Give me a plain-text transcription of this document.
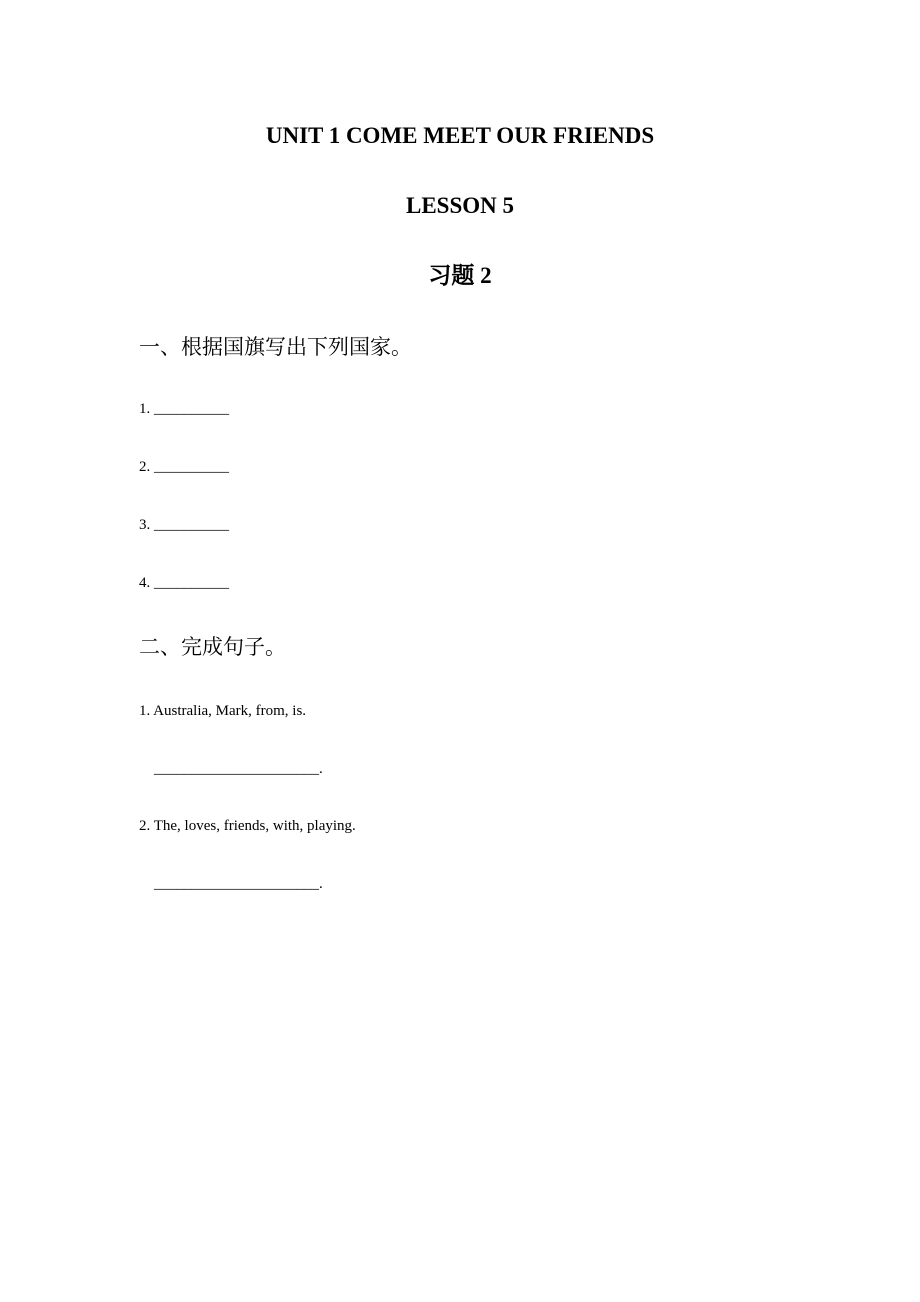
UNIT 1 COME MEET OUR FRIENDS
LESSON 5
习题 2
一、根据国旗写出下列国家。
1. __________
2. __________
3. __________
4. __________
二、完成句子。
1. Australia, Mark, from, is.
______________________.
2. The, loves, friends, with, playing.
______________________.
